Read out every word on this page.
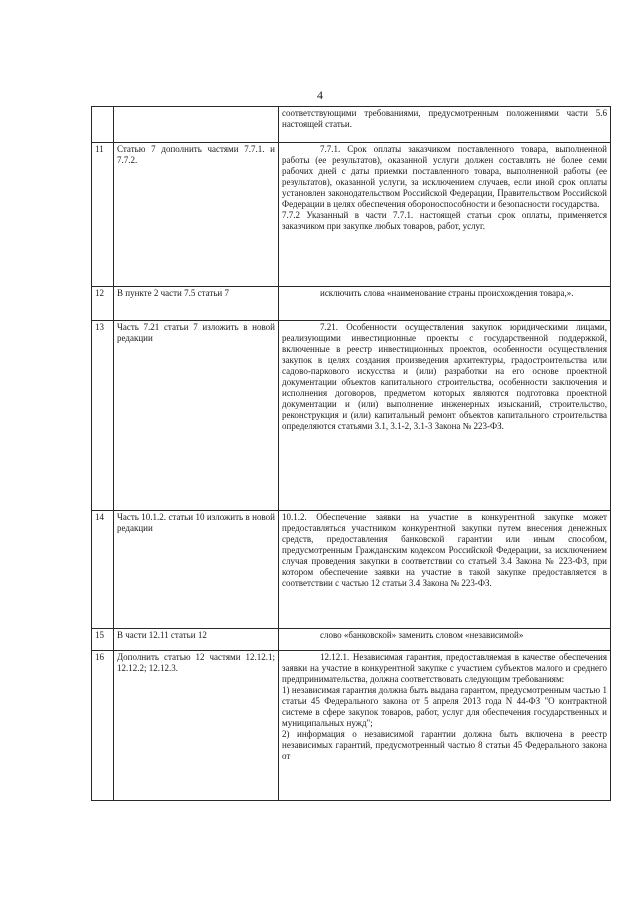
4
		соответствующими требованиями, предусмотренным положениями части 5.6 настоящей статьи.
11	Статью 7 дополнить частями 7.7.1. и 7.7.2.	7.7.1. Срок оплаты заказчиком поставленного товара, выполненной работы (ее результатов), оказанной услуги должен составлять не более семи рабочих дней с даты приемки поставленного товара, выполненной работы (ее результатов), оказанной услуги, за исключением случаев, если иной срок оплаты установлен законодательством Российской Федерации, Правительством Российской Федерации в целях обеспечения обороноспособности и безопасности государства.
7.7.2 Указанный в части 7.7.1. настоящей статьи срок оплаты, применяется заказчиком при закупке любых товаров, работ, услуг.

12	В пункте 2 части 7.5 статьи 7	исключить слова «наименование страны происхождения товара,».

13	Часть 7.21 статьи 7 изложить в новой редакции	7.21. Особенности осуществления закупок юридическими лицами, реализующими инвестиционные проекты с государственной поддержкой, включенные в реестр инвестиционных проектов, особенности осуществления закупок в целях создания произведения архитектуры, градостроительства или садово-паркового искусства и (или) разработки на его основе проектной документации объектов капитального строительства, особенности заключения и исполнения договоров, предметом которых являются подготовка проектной документации и (или) выполнение инженерных изысканий, строительство, реконструкция и (или) капитальный ремонт объектов капитального строительства определяются статьями 3.1, 3.1-2, 3.1-3 Закона № 223-ФЗ.

14	Часть 10.1.2. статьи 10 изложить в новой редакции	10.1.2. Обеспечение заявки на участие в конкурентной закупке может предоставляться участником конкурентной закупки путем внесения денежных средств, предоставления банковской гарантии или иным способом, предусмотренным Гражданским кодексом Российской Федерации, за исключением случая проведения закупки в соответствии со статьей 3.4 Закона № 223-ФЗ, при котором обеспечение заявки на участие в такой закупке предоставляется в соответствии с частью 12 статьи 3.4 Закона № 223-ФЗ.
15	В части 12.11 статьи 12	слово «банковской» заменить словом «независимой»

16	Дополнить статью 12 частями 12.12.1; 12.12.2; 12.12.3.	12.12.1. Независимая гарантия, предоставляемая в качестве обеспечения заявки на участие в конкурентной закупке с участием субъектов малого и среднего предпринимательства, должна соответствовать следующим требованиям:
1) независимая гарантия должна быть выдана гарантом, предусмотренным частью 1 статьи 45 Федерального закона от 5 апреля 2013 года N 44-ФЗ "О контрактной системе в сфере закупок товаров, работ, услуг для обеспечения государственных и муниципальных нужд";
2) информация о независимой гарантии должна быть включена в реестр независимых гарантий, предусмотренный частью 8 статьи 45 Федерального закона от
